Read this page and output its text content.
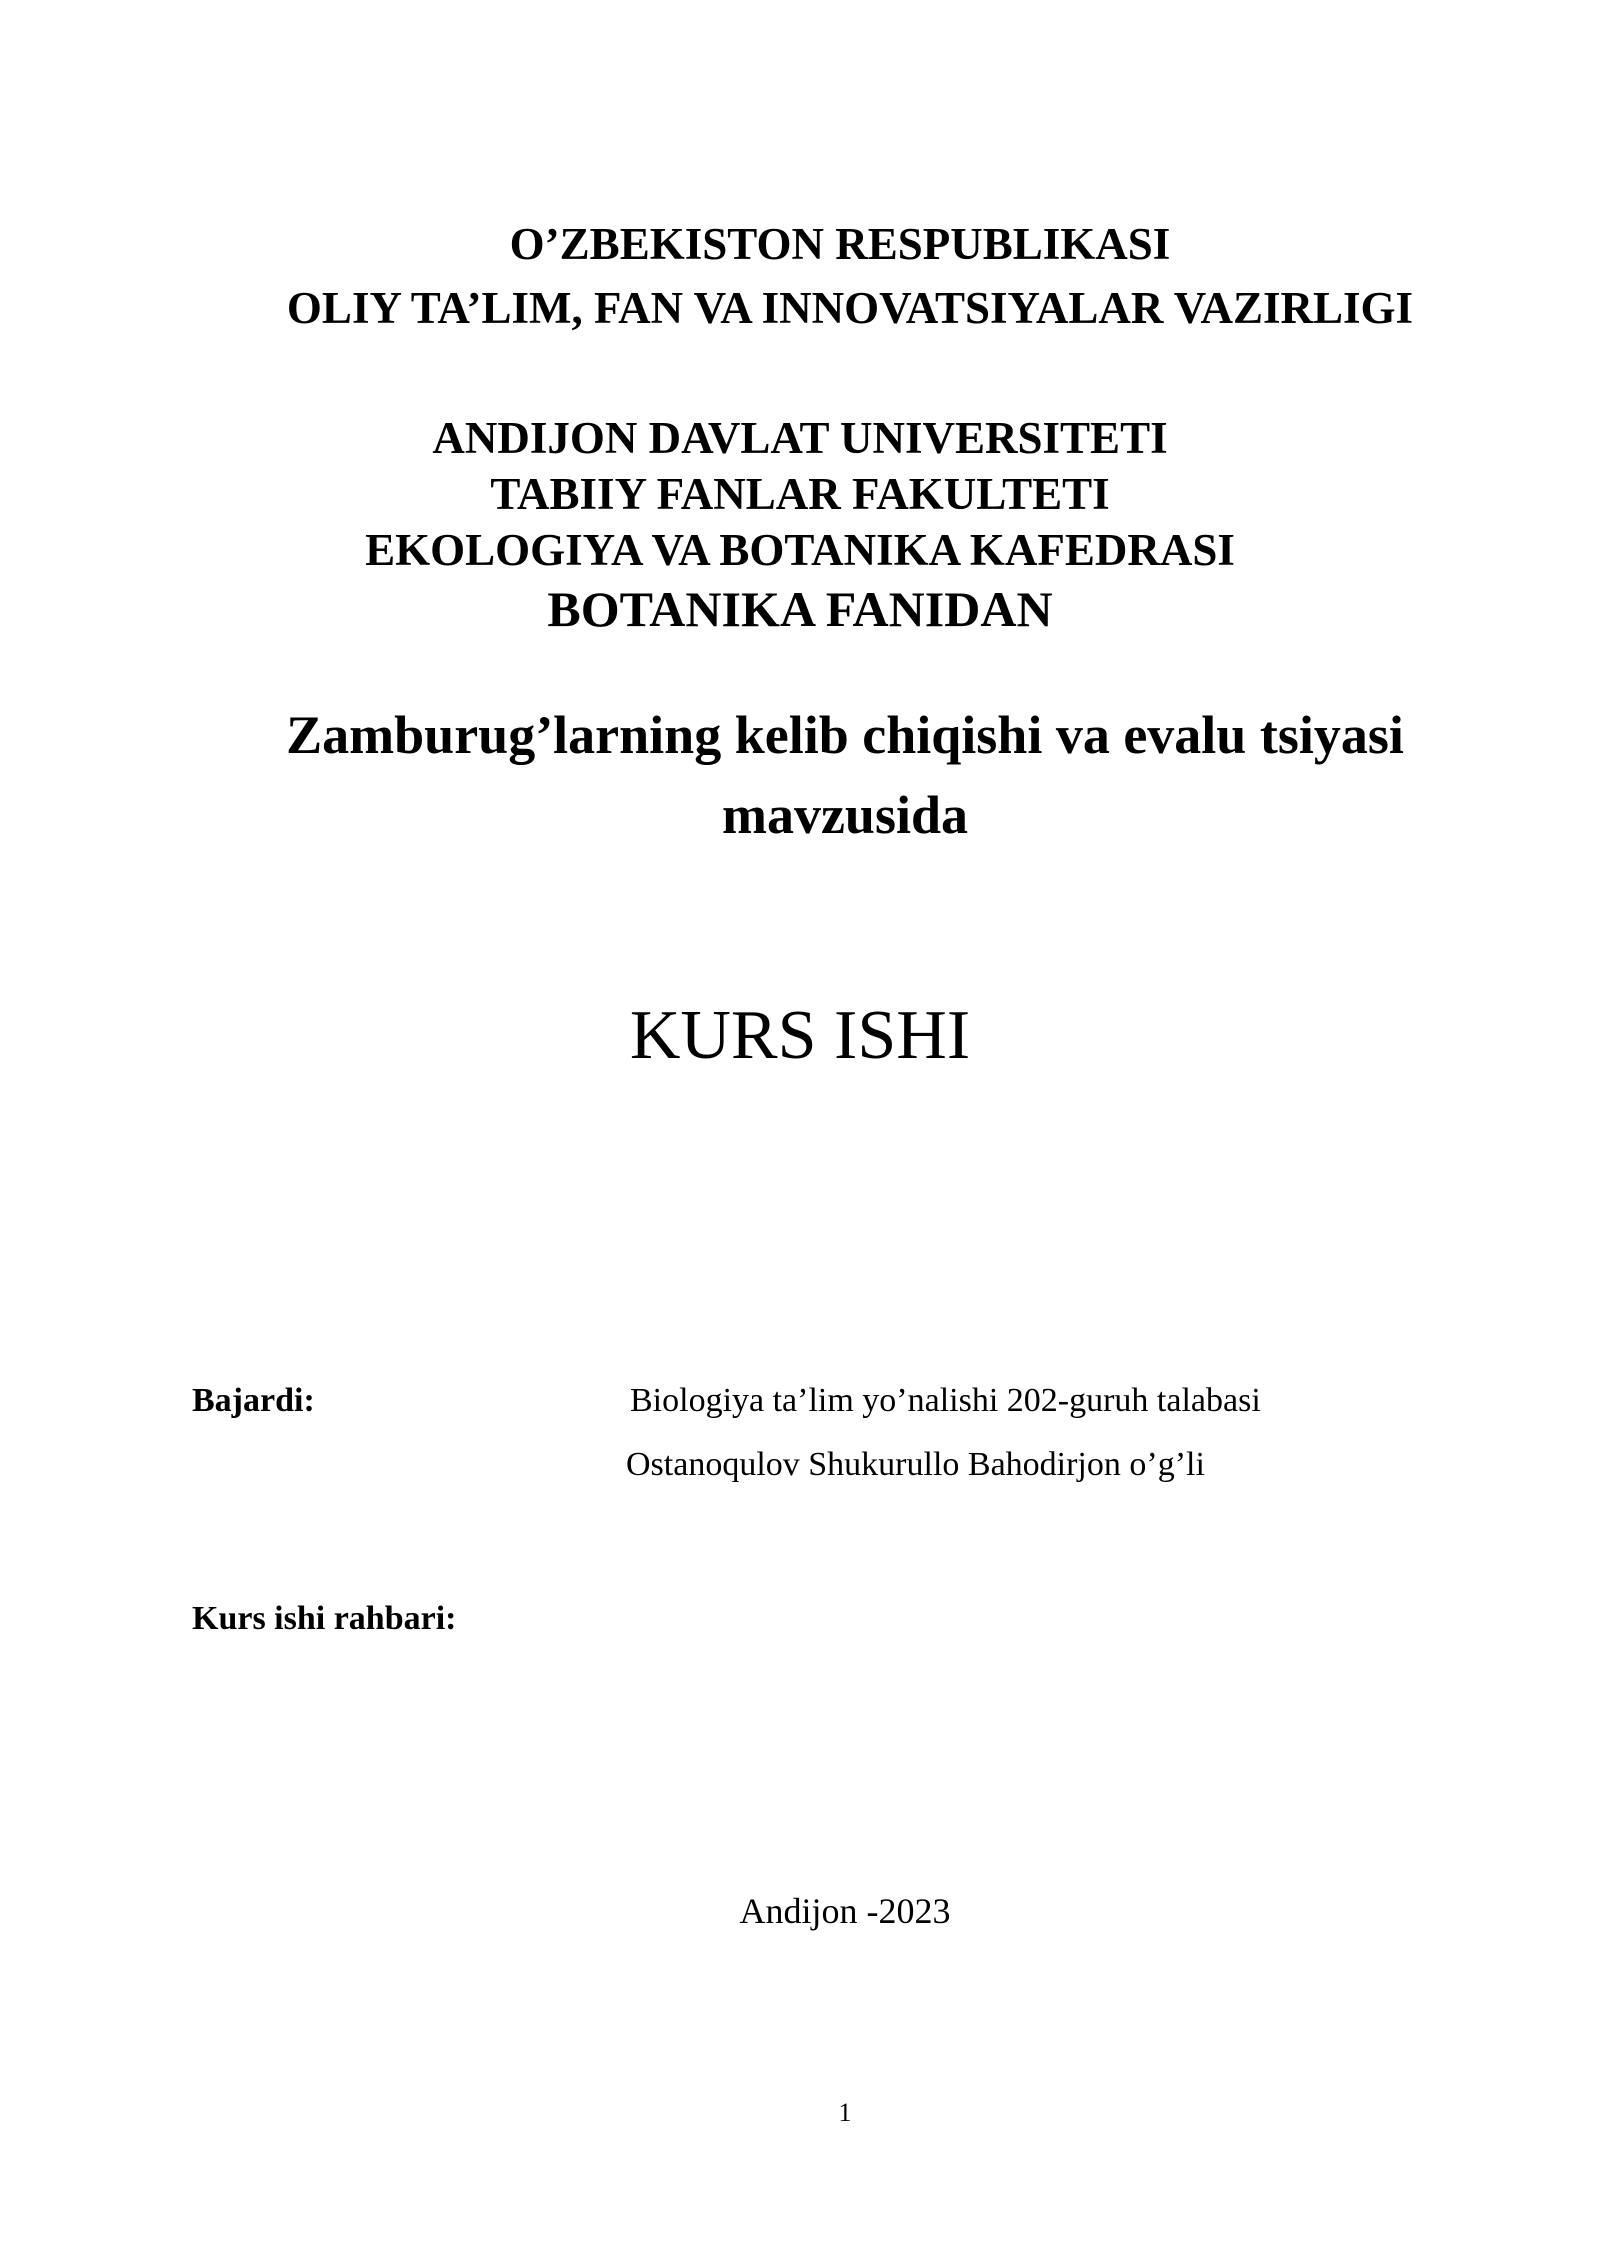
O’ZBEKISTON RESPUBLIKASI
OLIY TA’LIM, FAN VA INNOVATSIYALAR VAZIRLIGI
ANDIJON DAVLAT UNIVERSITETI
TABIIY FANLAR FAKULTETI
EKOLOGIYA VA BOTANIKA KAFEDRASI
BOTANIKA FANIDAN
Zamburug’larning kelib chiqishi va evalu tsiyasi
mavzusida
KURS ISHI
Bajardi:	Biologiya ta’lim yo’nalishi 202-guruh talabasi
Ostanoqulov Shukurullo Bahodirjon o’g’li
Kurs ishi rahbari:
Andijon -2023
1
